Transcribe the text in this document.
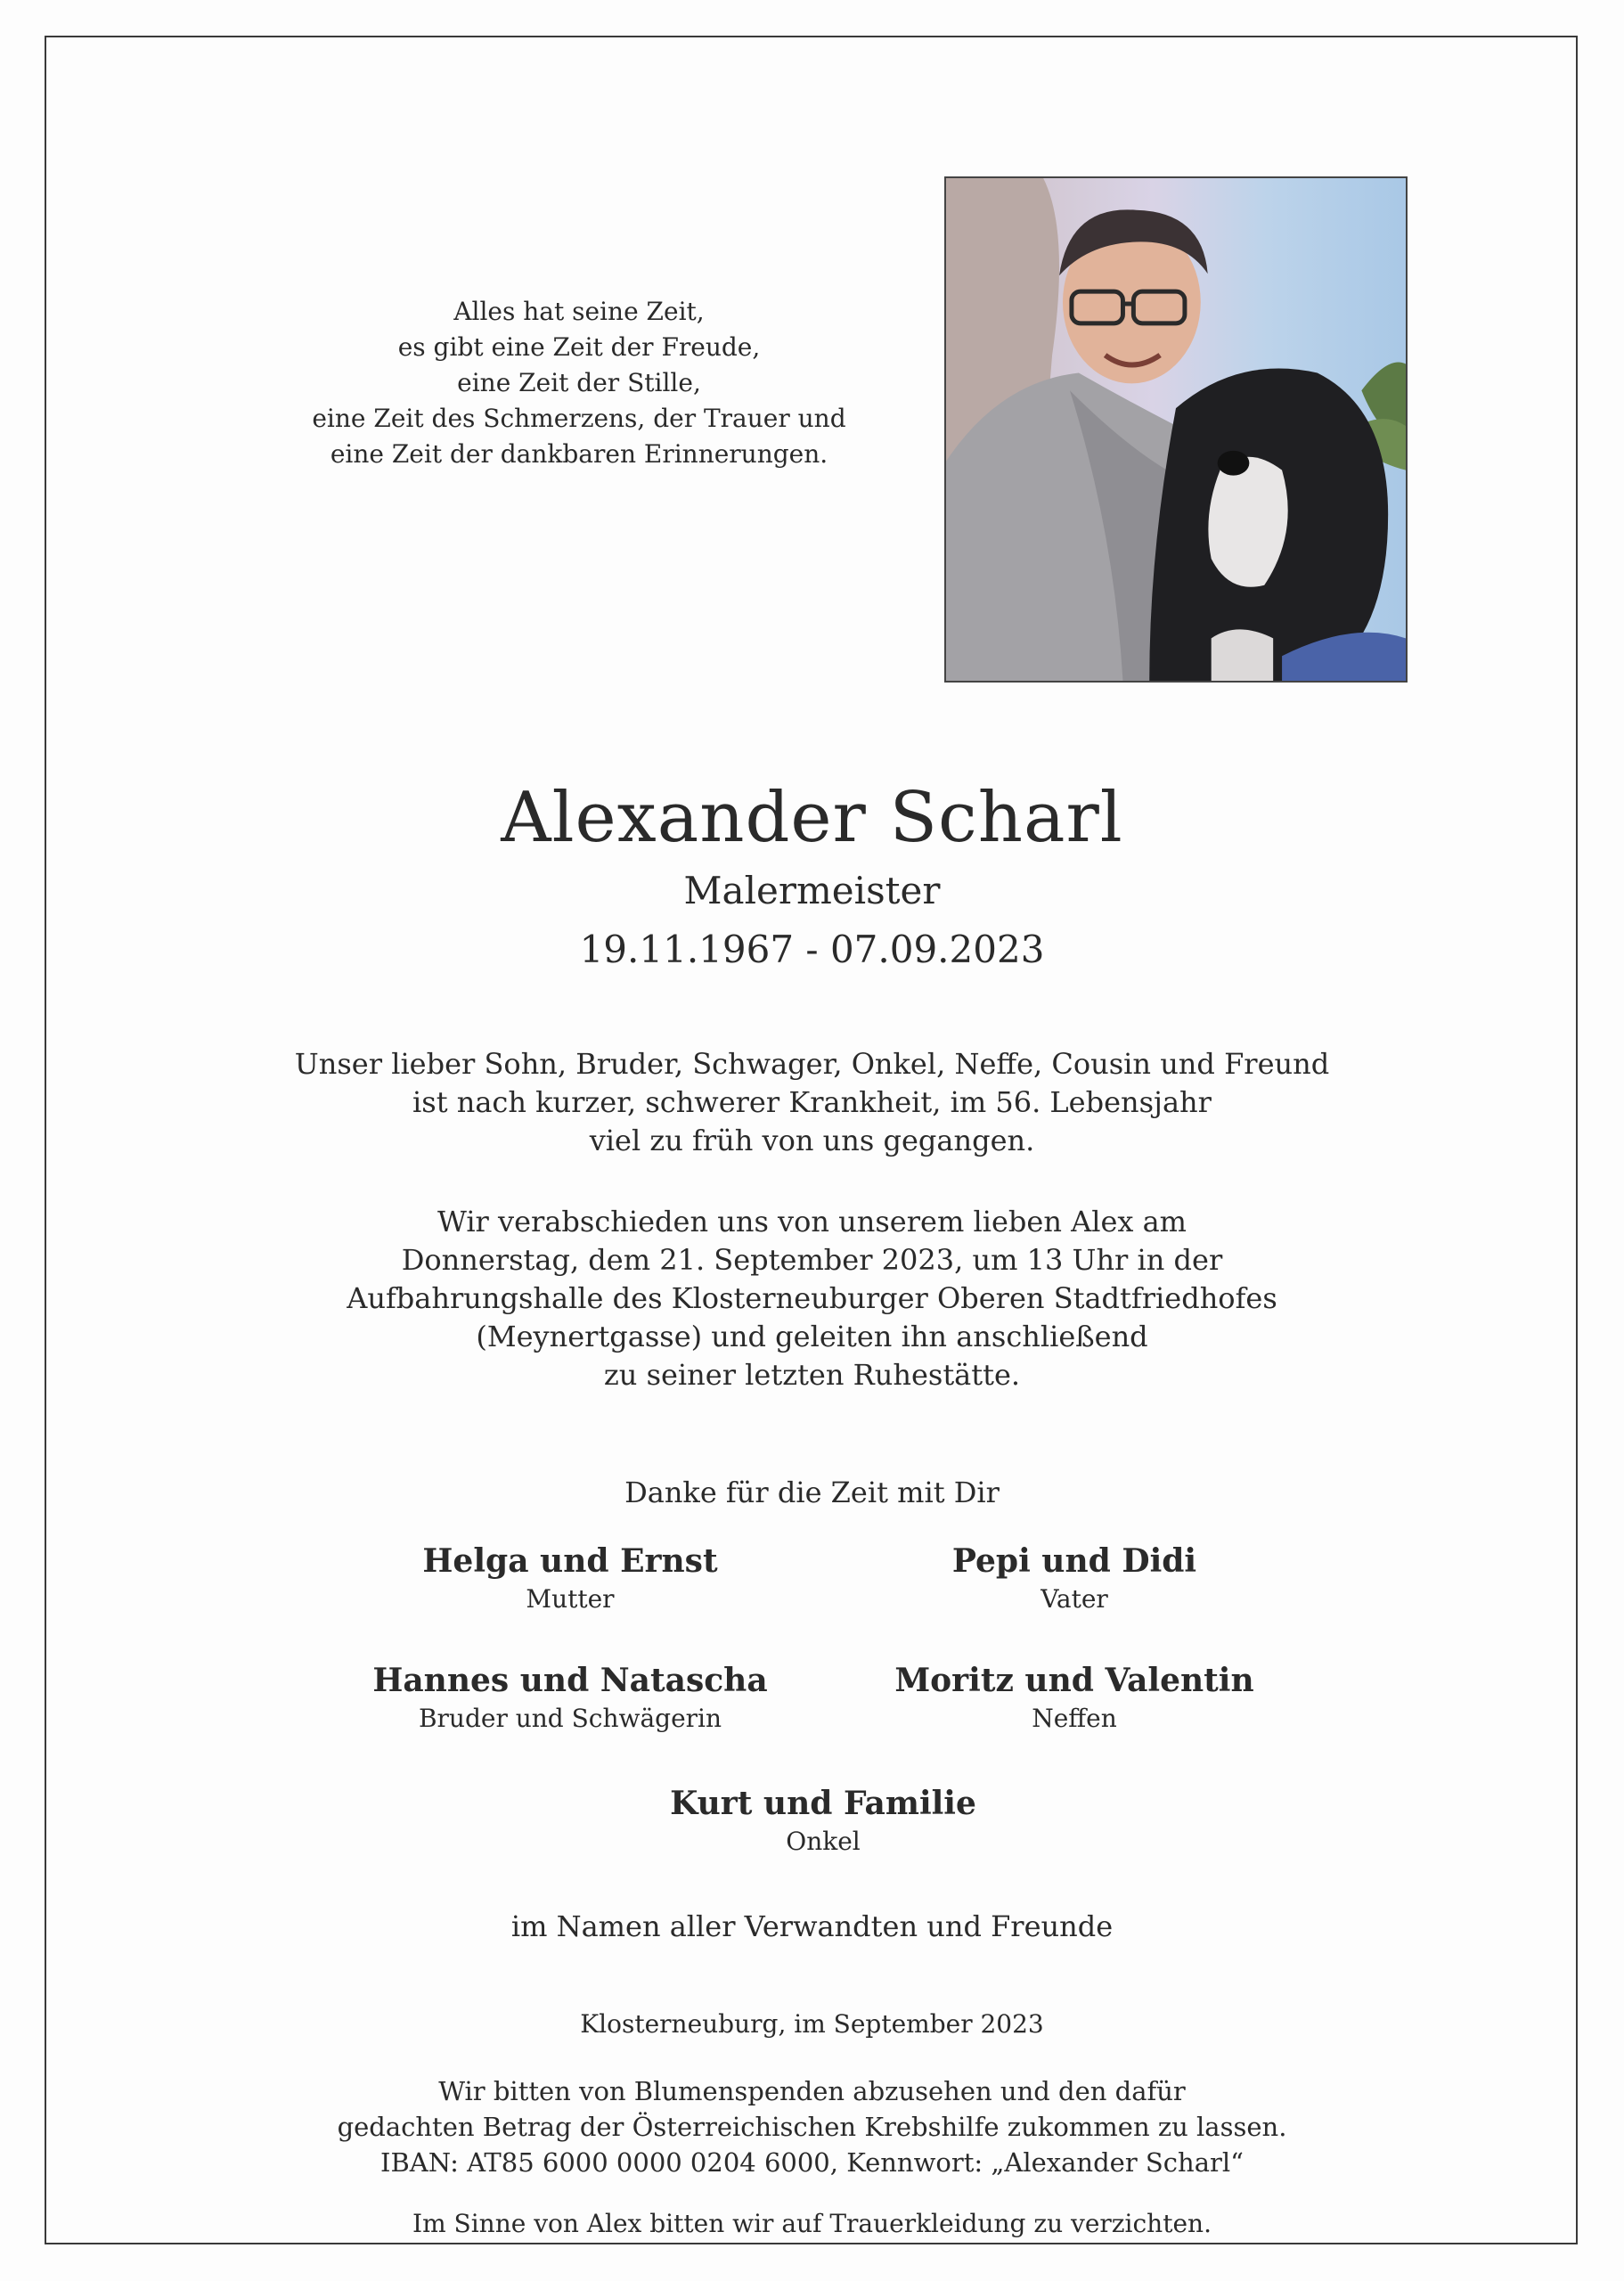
Alles hat seine Zeit,
es gibt eine Zeit der Freude,
eine Zeit der Stille,
eine Zeit des Schmerzens, der Trauer und
eine Zeit der dankbaren Erinnerungen.
Alexander Scharl
Malermeister
19.11.1967 - 07.09.2023
Unser lieber Sohn, Bruder, Schwager, Onkel, Neffe, Cousin und Freund
ist nach kurzer, schwerer Krankheit, im 56. Lebensjahr
viel zu früh von uns gegangen.
Wir verabschieden uns von unserem lieben Alex am
Donnerstag, dem 21. September 2023, um 13 Uhr in der
Aufbahrungshalle des Klosterneuburger Oberen Stadtfriedhofes
(Meynertgasse) und geleiten ihn anschließend
zu seiner letzten Ruhestätte.
Danke für die Zeit mit Dir
Helga und Ernst
Mutter
Pepi und Didi
Vater
Hannes und Natascha
Bruder und Schwägerin
Moritz und Valentin
Neffen
Kurt und Familie
Onkel
im Namen aller Verwandten und Freunde
Klosterneuburg, im September 2023
Wir bitten von Blumenspenden abzusehen und den dafür
gedachten Betrag der Österreichischen Krebshilfe zukommen zu lassen.
IBAN: AT85 6000 0000 0204 6000, Kennwort: „Alexander Scharl“
Im Sinne von Alex bitten wir auf Trauerkleidung zu verzichten.
